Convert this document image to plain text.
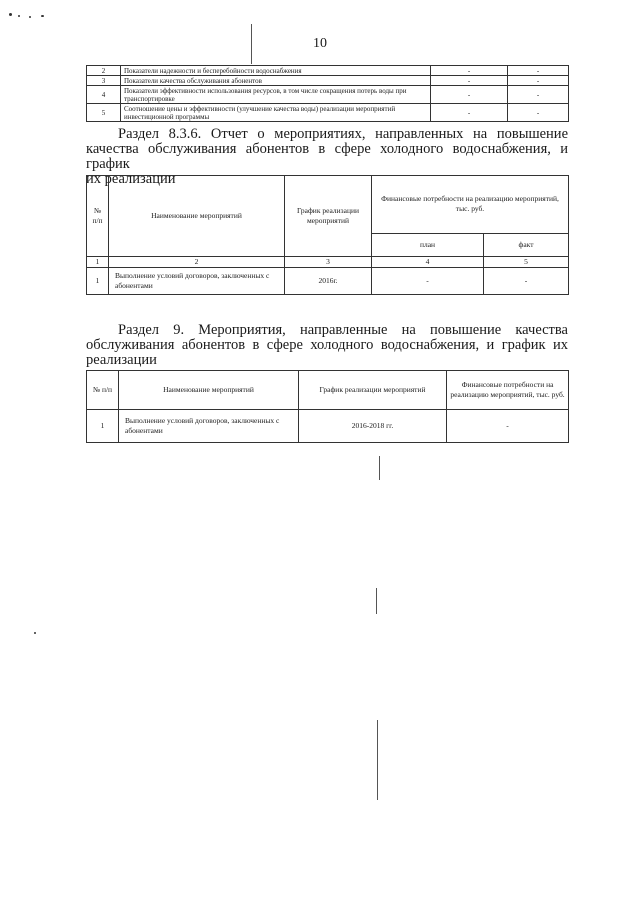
10
2	Показатели надежности и бесперебойности водоснабжения	-	-
3	Показатели качества обслуживания абонентов	-	-
4	Показатели эффективности использования ресурсов, в том числе сокращения потерь воды при транспортировке	-	-
5	Соотношение цены и эффективности (улучшение качества воды) реализации мероприятий инвестиционной программы	-	-
Раздел 8.3.6. Отчет о мероприятиях, направленных на повышение
качества обслуживания абонентов в сфере холодного водоснабжения, и график
их реализации
№ п/п	Наименование мероприятий	График реализации мероприятий	Финансовые потребности на реализацию мероприятий, тыс. руб.	
			план	факт
1	2	3	4	5
1	Выполнение условий договоров, заключенных с абонентами	2016г.	-	-
Раздел 9. Мероприятия, направленные на повышение качества
обслуживания абонентов в сфере холодного водоснабжения, и график их
реализации
№ п/п	Наименование мероприятий	График реализации мероприятий	Финансовые потребности на реализацию мероприятий, тыс. руб.
1	Выполнение условий договоров, заключенных с абонентами	2016-2018 гг.	-
